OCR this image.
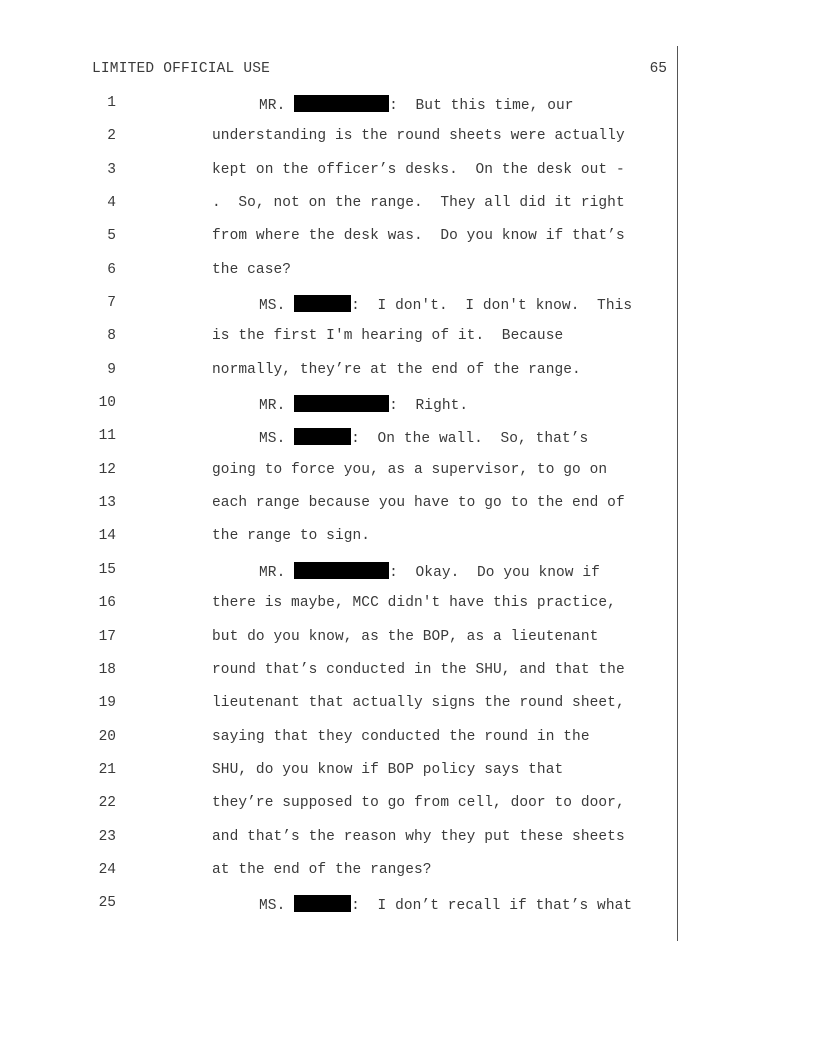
LIMITED OFFICIAL USE	65
1	MR.	:  But this time, our
2	understanding is the round sheets were actually
3	kept on the officer’s desks.  On the desk out -
4	.  So, not on the range.  They all did it right
5	from where the desk was.  Do you know if that’s
6	the case?
7	MS.	:  I don't.  I don't know.  This
8	is the first I'm hearing of it.  Because
9	normally, they’re at the end of the range.
10	MR.	:  Right.
11	MS.	:  On the wall.  So, that’s
12	going to force you, as a supervisor, to go on
13	each range because you have to go to the end of
14	the range to sign.
15	MR.	:  Okay.  Do you know if
16	there is maybe, MCC didn't have this practice,
17	but do you know, as the BOP, as a lieutenant
18	round that’s conducted in the SHU, and that the
19	lieutenant that actually signs the round sheet,
20	saying that they conducted the round in the
21	SHU, do you know if BOP policy says that
22	they’re supposed to go from cell, door to door,
23	and that’s the reason why they put these sheets
24	at the end of the ranges?
25	MS.	:  I don’t recall if that’s what
